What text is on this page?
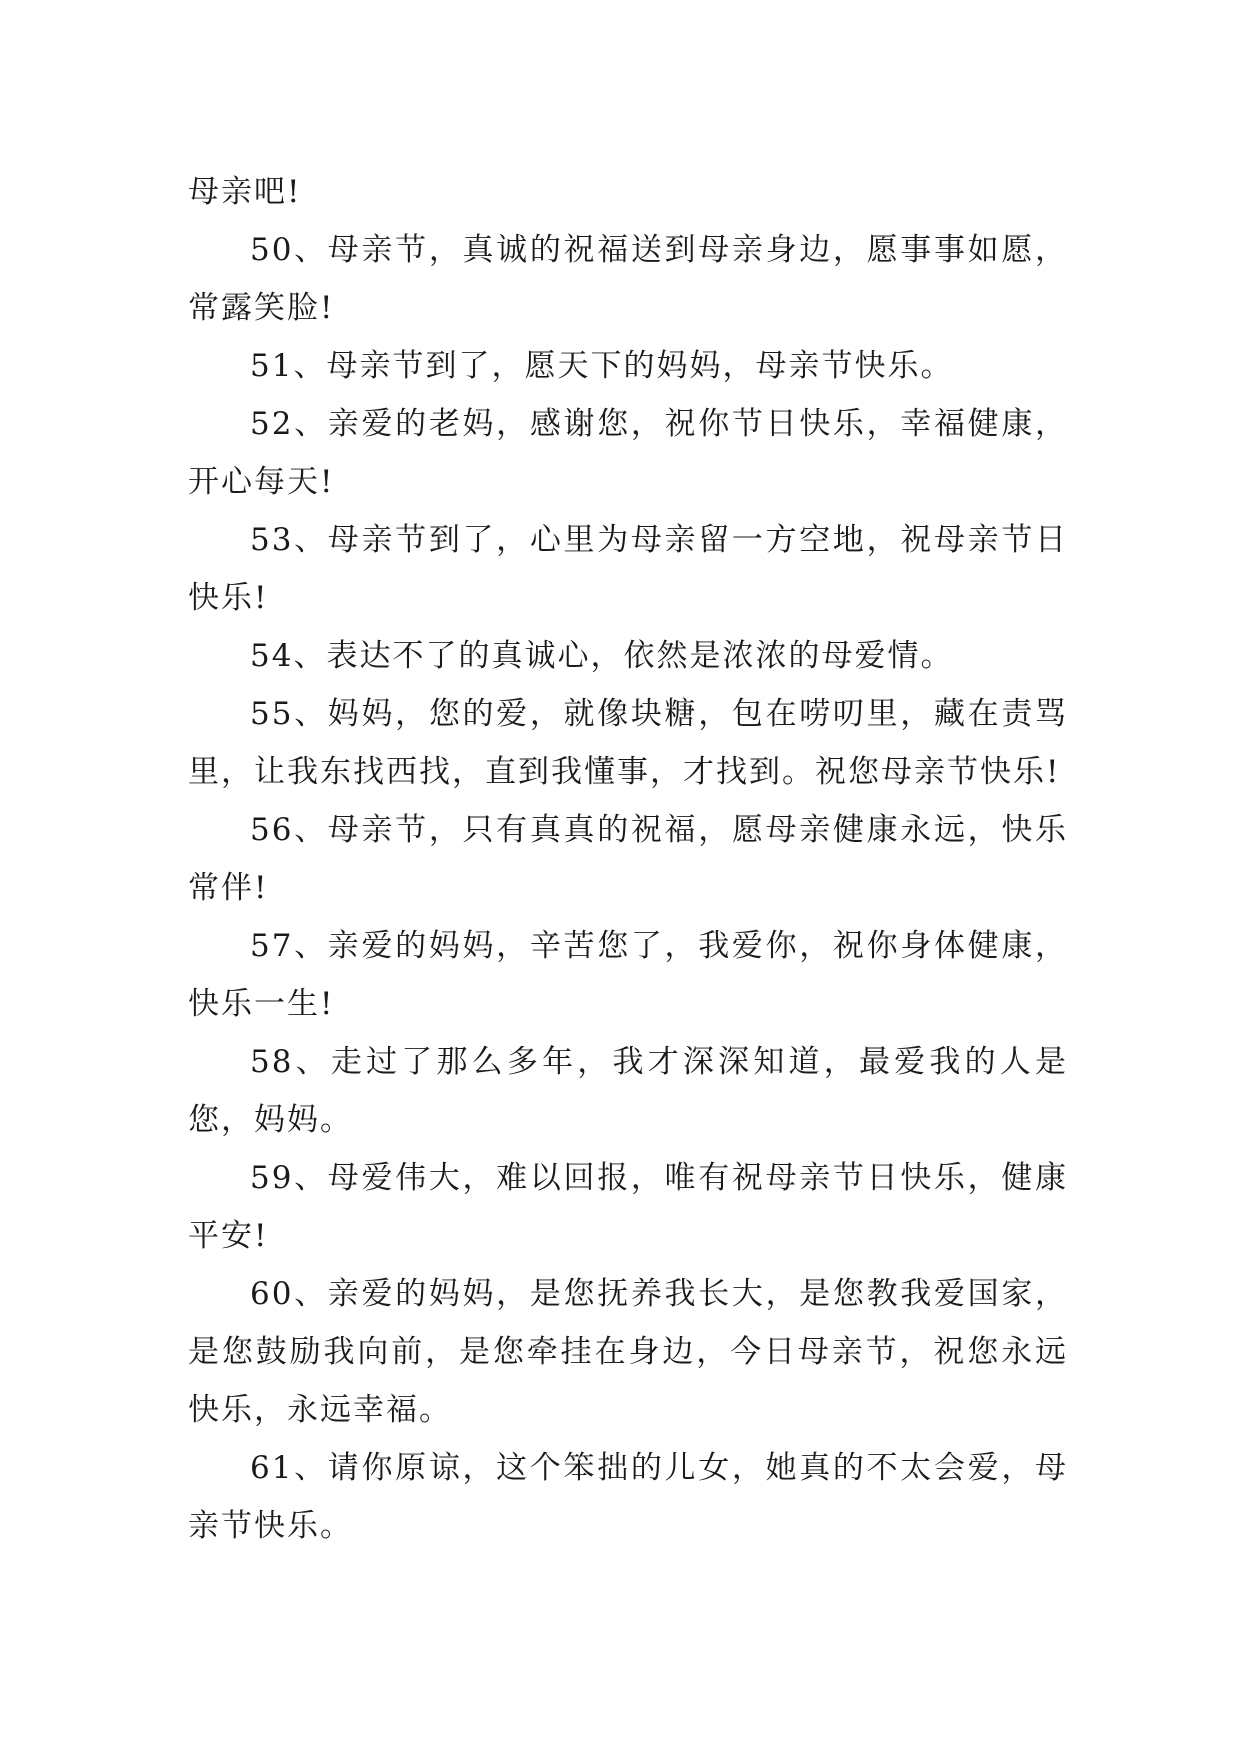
母亲吧!

50、母亲节，真诚的祝福送到母亲身边，愿事事如愿，常露笑脸!

51、母亲节到了，愿天下的妈妈，母亲节快乐。

52、亲爱的老妈，感谢您，祝你节日快乐，幸福健康，开心每天!

53、母亲节到了，心里为母亲留一方空地，祝母亲节日快乐!

54、表达不了的真诚心，依然是浓浓的母爱情。

55、妈妈，您的爱，就像块糖，包在唠叨里，藏在责骂里，让我东找西找，直到我懂事，才找到。祝您母亲节快乐!

56、母亲节，只有真真的祝福，愿母亲健康永远，快乐常伴!

57、亲爱的妈妈，辛苦您了，我爱你，祝你身体健康，快乐一生!

58、走过了那么多年，我才深深知道，最爱我的人是您，妈妈。

59、母爱伟大，难以回报，唯有祝母亲节日快乐，健康平安!

60、亲爱的妈妈，是您抚养我长大，是您教我爱国家，是您鼓励我向前，是您牵挂在身边，今日母亲节，祝您永远快乐，永远幸福。

61、请你原谅，这个笨拙的儿女，她真的不太会爱，母亲节快乐。
